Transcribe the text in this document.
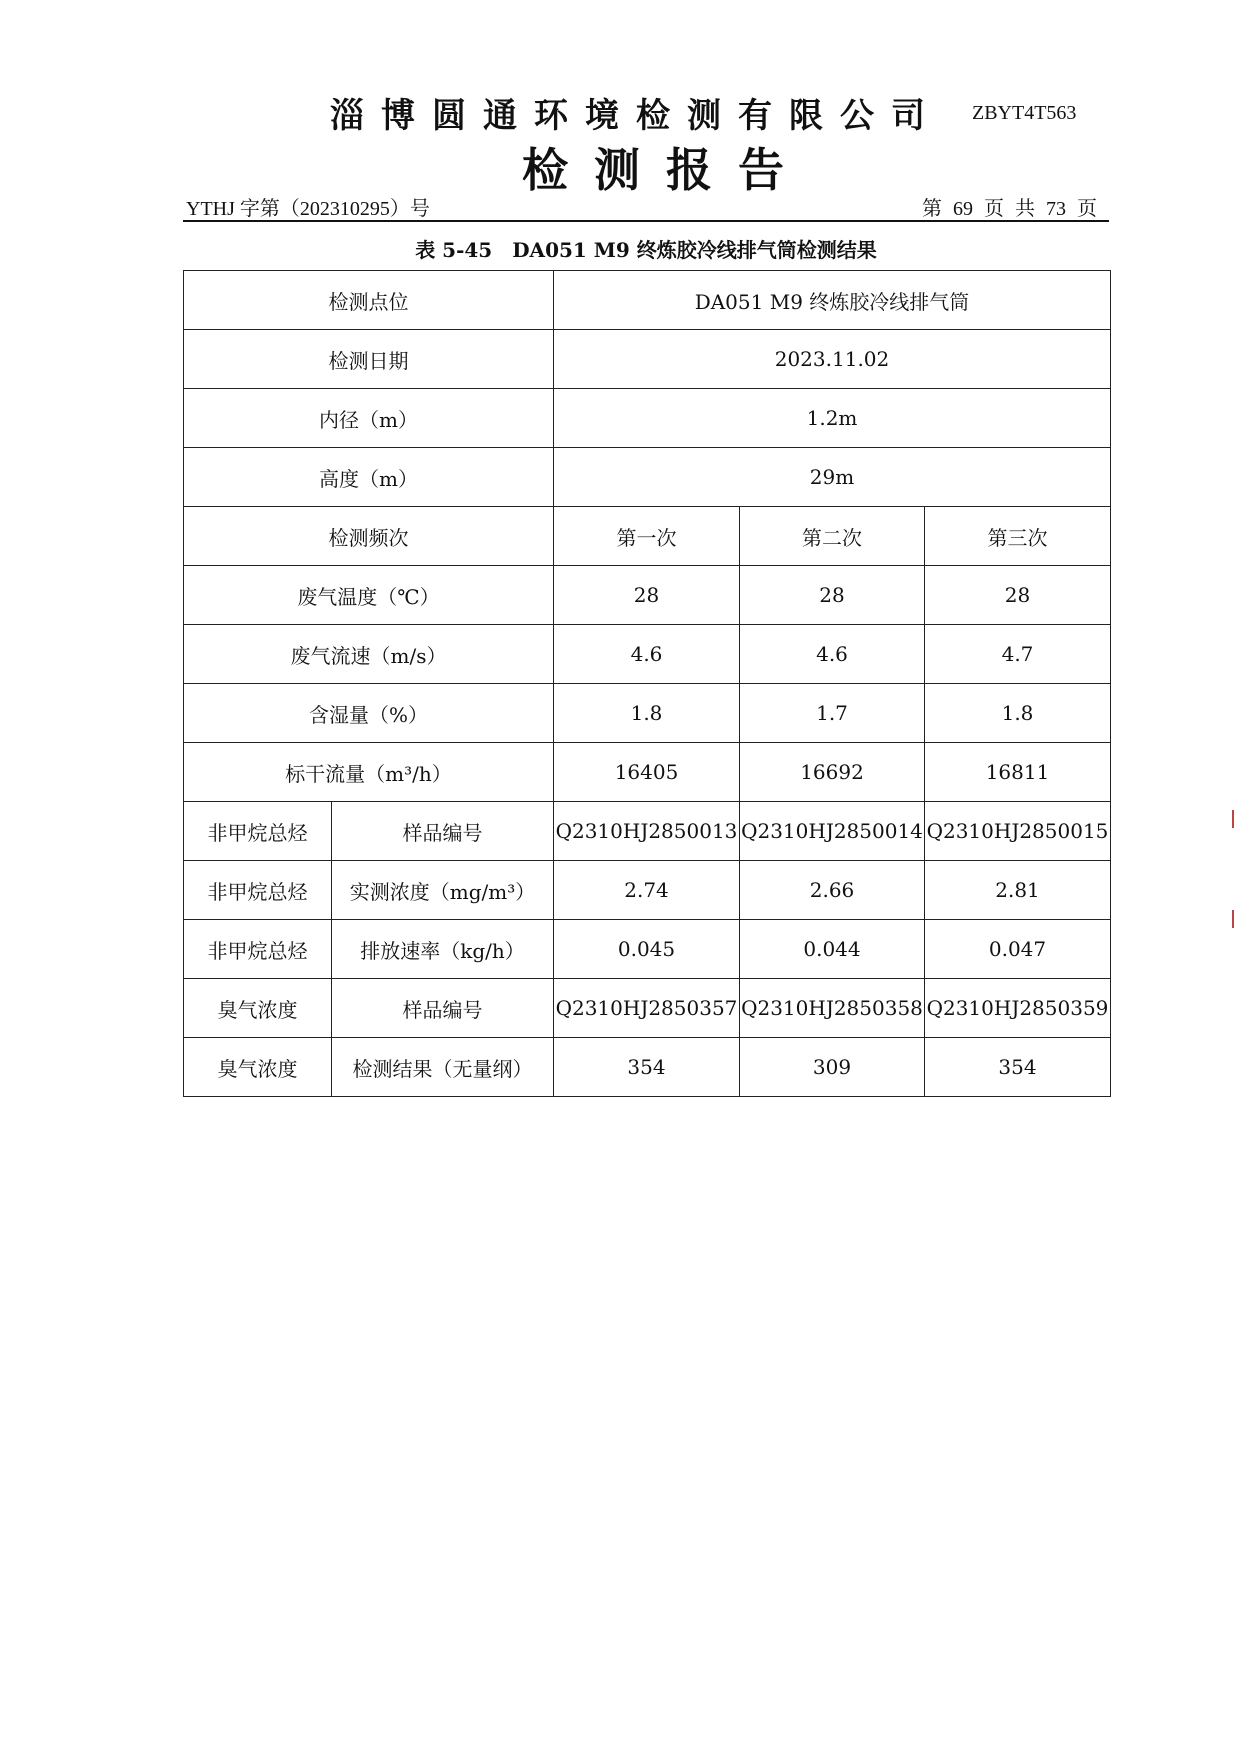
淄博圆通环境检测有限公司 ZBYT4T563
检测报告
YTHJ 字第（202310295）号	第 69 页 共 73 页
表 5-45 DA051 M9 终炼胶冷线排气筒检测结果
检测点位		DA051 M9 终炼胶冷线排气筒		
检测日期		2023.11.02		
内径（m）		1.2m		
高度（m）		29m		
检测频次		第一次	第二次	第三次
废气温度（℃）		28	28	28
废气流速（m/s）		4.6	4.6	4.7
含湿量（%）		1.8	1.7	1.8
标干流量（m³/h）		16405	16692	16811
非甲烷总烃	样品编号	Q2310HJ2850013	Q2310HJ2850014	Q2310HJ2850015
非甲烷总烃	实测浓度（mg/m³）	2.74	2.66	2.81
非甲烷总烃	排放速率（kg/h）	0.045	0.044	0.047
臭气浓度	样品编号	Q2310HJ2850357	Q2310HJ2850358	Q2310HJ2850359
臭气浓度	检测结果（无量纲）	354	309	354
